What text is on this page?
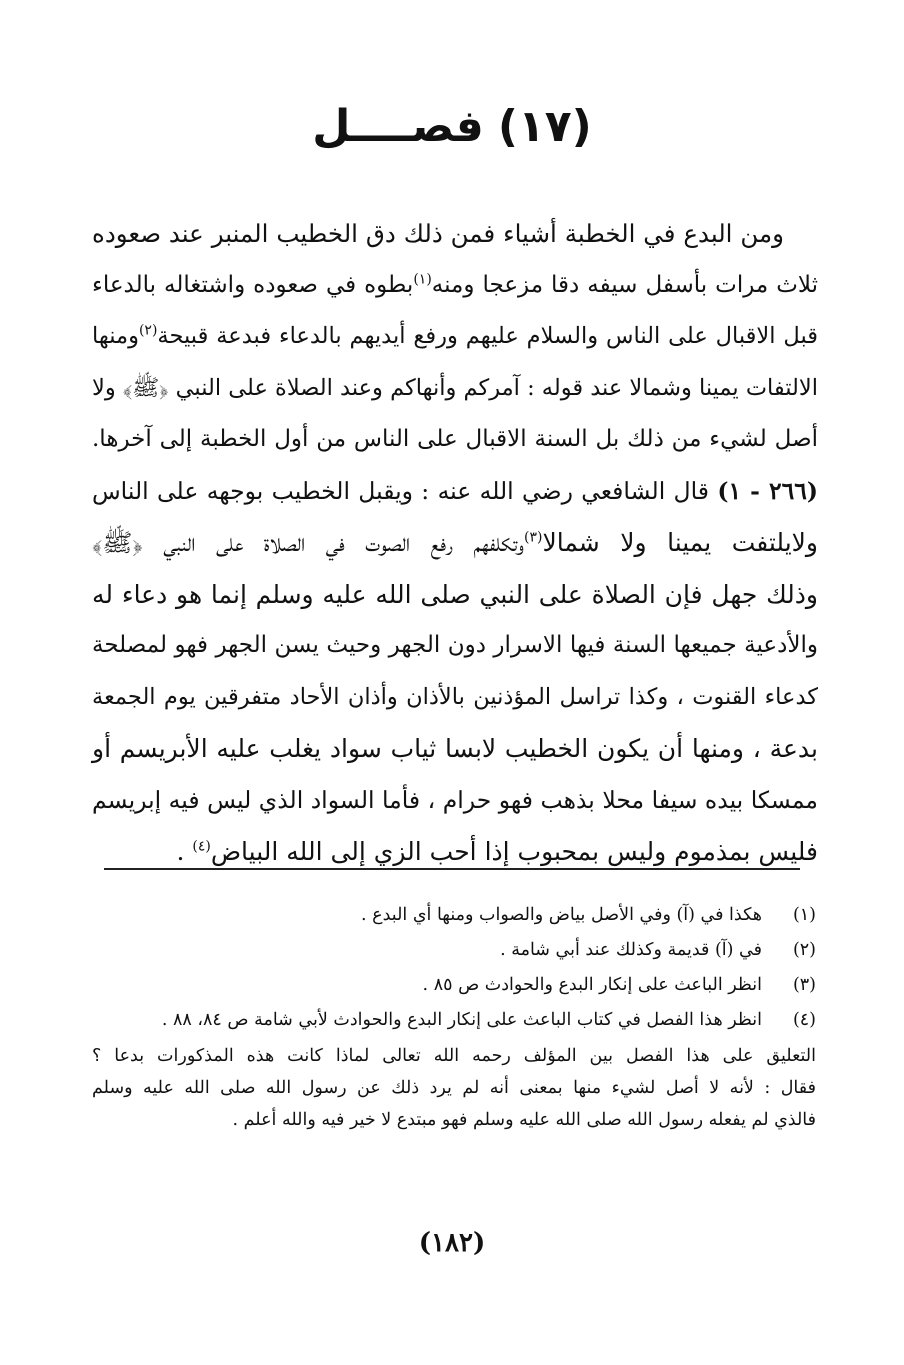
(١٧)فصــــل
ومن البدع في الخطبة أشياء فمن ذلك دق الخطيب المنبر عند صعوده
ثلاث مرات بأسفل سيفه دقا مزعجا ومنه$^{(١)}$بطوه في صعوده واشتغاله بالدعاء
قبل الاقبال على الناس والسلام عليهم ورفع أيديهم بالدعاء فبدعة قبيحة$^{(٢)}$ومنها
الالتفات يمينا وشمالا عند قوله : آمركم وأنهاكم وعند الصلاة على النبي ﴿ﷺ﴾ ولا
أصل لشيء من ذلك بل السنة الاقبال على الناس من أول الخطبة إلى آخرها.
(٢٦٦ - ١) قال الشافعي رضي الله عنه : ويقبل الخطيب بوجهه على الناس
ولايلتفت يمينا ولا شمالا$^{(٣)}$وتكلفهم رفع الصوت في الصلاة على النبي ﴿ﷺ﴾
وذلك جهل فإن الصلاة على النبي صلى الله عليه وسلم إنما هو دعاء له
والأدعية جميعها السنة فيها الاسرار دون الجهر وحيث يسن الجهر فهو لمصلحة
كدعاء القنوت ، وكذا تراسل المؤذنين بالأذان وأذان الأحاد متفرقين يوم الجمعة
بدعة ، ومنها أن يكون الخطيب لابسا ثياب سواد يغلب عليه الأبريسم أو
ممسكا بيده سيفا محلا بذهب فهو حرام ، فأما السواد الذي ليس فيه إبريسم
فليس بمذموم وليس بمحبوب إذا أحب الزي إلى الله البياض$^{(٤)}$ .
(١)
هكذا في (آ) وفي الأصل بياض والصواب ومنها أي البدع .
(٢)
في (آ) قديمة وكذلك عند أبي شامة .
(٣)
انظر الباعث على إنكار البدع والحوادث ص ٨٥ .
(٤)
انظر هذا الفصل في كتاب الباعث على إنكار البدع والحوادث لأبي شامة ص ٨٤، ٨٨ .
التعليق على هذا الفصل بين المؤلف رحمه الله تعالى لماذا كانت هذه المذكورات بدعا ؟
فقال : لأنه لا أصل لشيء منها بمعنى أنه لم يرد ذلك عن رسول الله صلى الله عليه وسلم
فالذي لم يفعله رسول الله صلى الله عليه وسلم فهو مبتدع لا خير فيه والله أعلم .
(١٨٢)
